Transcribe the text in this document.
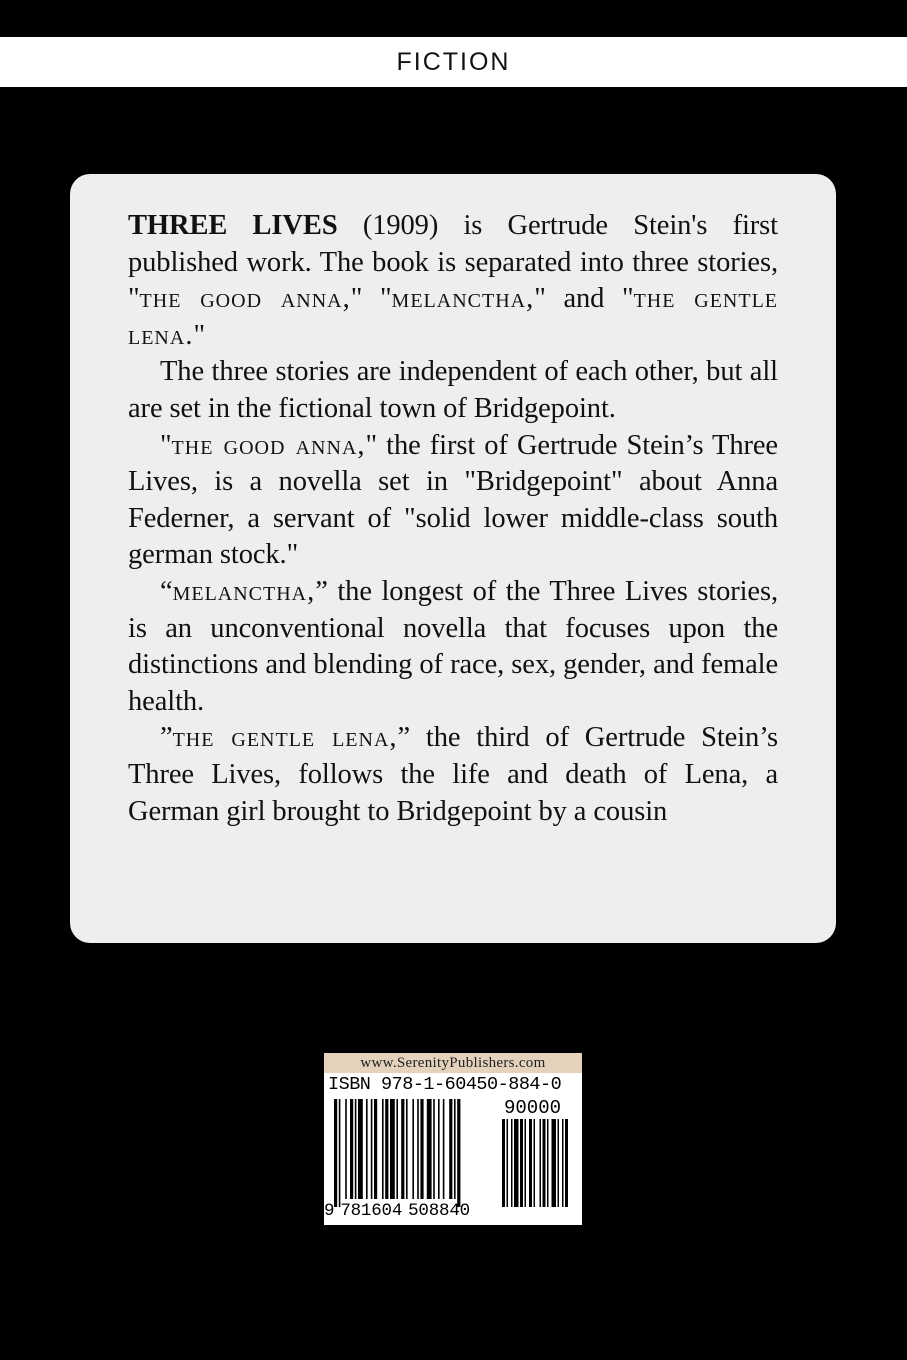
FICTION

THREE LIVES (1909) is Gertrude Stein's first published work. The book is separated into three stories, "the good anna," "melanctha," and "the gentle lena."

The three stories are independent of each other, but all are set in the fictional town of Bridgepoint.

"the good anna," the first of Gertrude Stein’s Three Lives, is a novella set in "Bridgepoint" about Anna Federner, a servant of "solid lower middle-class south german stock."

“melanctha,” the longest of the Three Lives stories, is an unconventional novella that focuses upon the distinctions and blending of race, sex, gender, and female health.

”the gentle lena,” the third of Gertrude Stein’s Three Lives, follows the life and death of Lena, a German girl brought to Bridgepoint by a cousin

www.SerenityPublishers.com
ISBN 978-1-60450-884-0
90000
9 781604 508840
